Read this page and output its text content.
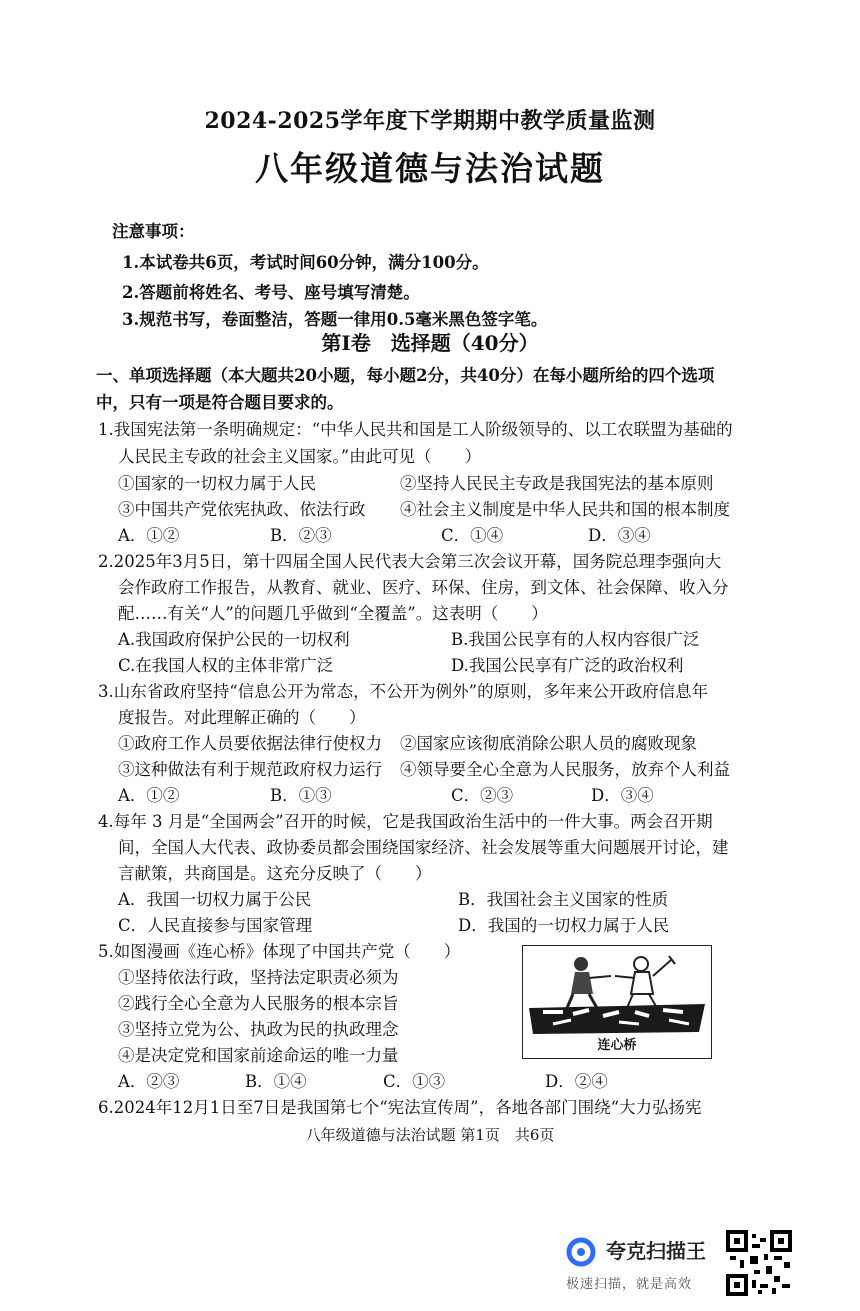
2024-2025学年度下学期期中教学质量监测
八年级道德与法治试题
注意事项：
1.本试卷共6页，考试时间60分钟，满分100分。
2.答题前将姓名、考号、座号填写清楚。
3.规范书写，卷面整洁，答题一律用0.5毫米黑色签字笔。
第Ⅰ卷　选择题（40分）
一、单项选择题（本大题共20小题，每小题2分，共40分）在每小题所给的四个选项
中，只有一项是符合题目要求的。
1.我国宪法第一条明确规定：“中华人民共和国是工人阶级领导的、以工农联盟为基础的
人民民主专政的社会主义国家。”由此可见（　　）
①国家的一切权力属于人民	②坚持人民民主专政是我国宪法的基本原则
③中国共产党依宪执政、依法行政 ④社会主义制度是中华人民共和国的根本制度
A．①②	B．②③	C．①④	D．③④
2.2025年3月5日，第十四届全国人民代表大会第三次会议开幕，国务院总理李强向大
会作政府工作报告，从教育、就业、医疗、环保、住房，到文体、社会保障、收入分
配……有关“人”的问题几乎做到“全覆盖”。这表明（　　）
A.我国政府保护公民的一切权利	B.我国公民享有的人权内容很广泛
C.在我国人权的主体非常广泛	D.我国公民享有广泛的政治权利
3.山东省政府坚持“信息公开为常态，不公开为例外”的原则，多年来公开政府信息年
度报告。对此理解正确的（　　）
①政府工作人员要依据法律行使权力 ②国家应该彻底消除公职人员的腐败现象
③这种做法有利于规范政府权力运行 ④领导要全心全意为人民服务，放弃个人利益
A．①②	B．①③	C．②③	D．③④
4.每年 3 月是“全国两会”召开的时候，它是我国政治生活中的一件大事。两会召开期
间，全国人大代表、政协委员都会围绕国家经济、社会发展等重大问题展开讨论，建
言献策，共商国是。这充分反映了（　　）
A．我国一切权力属于公民	B．我国社会主义国家的性质
C．人民直接参与国家管理	D．我国的一切权力属于人民
5.如图漫画《连心桥》体现了中国共产党（　　）
①坚持依法行政，坚持法定职责必须为
②践行全心全意为人民服务的根本宗旨
③坚持立党为公、执政为民的执政理念
④是决定党和国家前途命运的唯一力量
A．②③	B．①④	C．①③	D．②④
连心桥
6.2024年12月1日至7日是我国第七个“宪法宣传周”，各地各部门围绕“大力弘扬宪
八年级道德与法治试题 第1页　共6页
夸克扫描王
极速扫描，就是高效
